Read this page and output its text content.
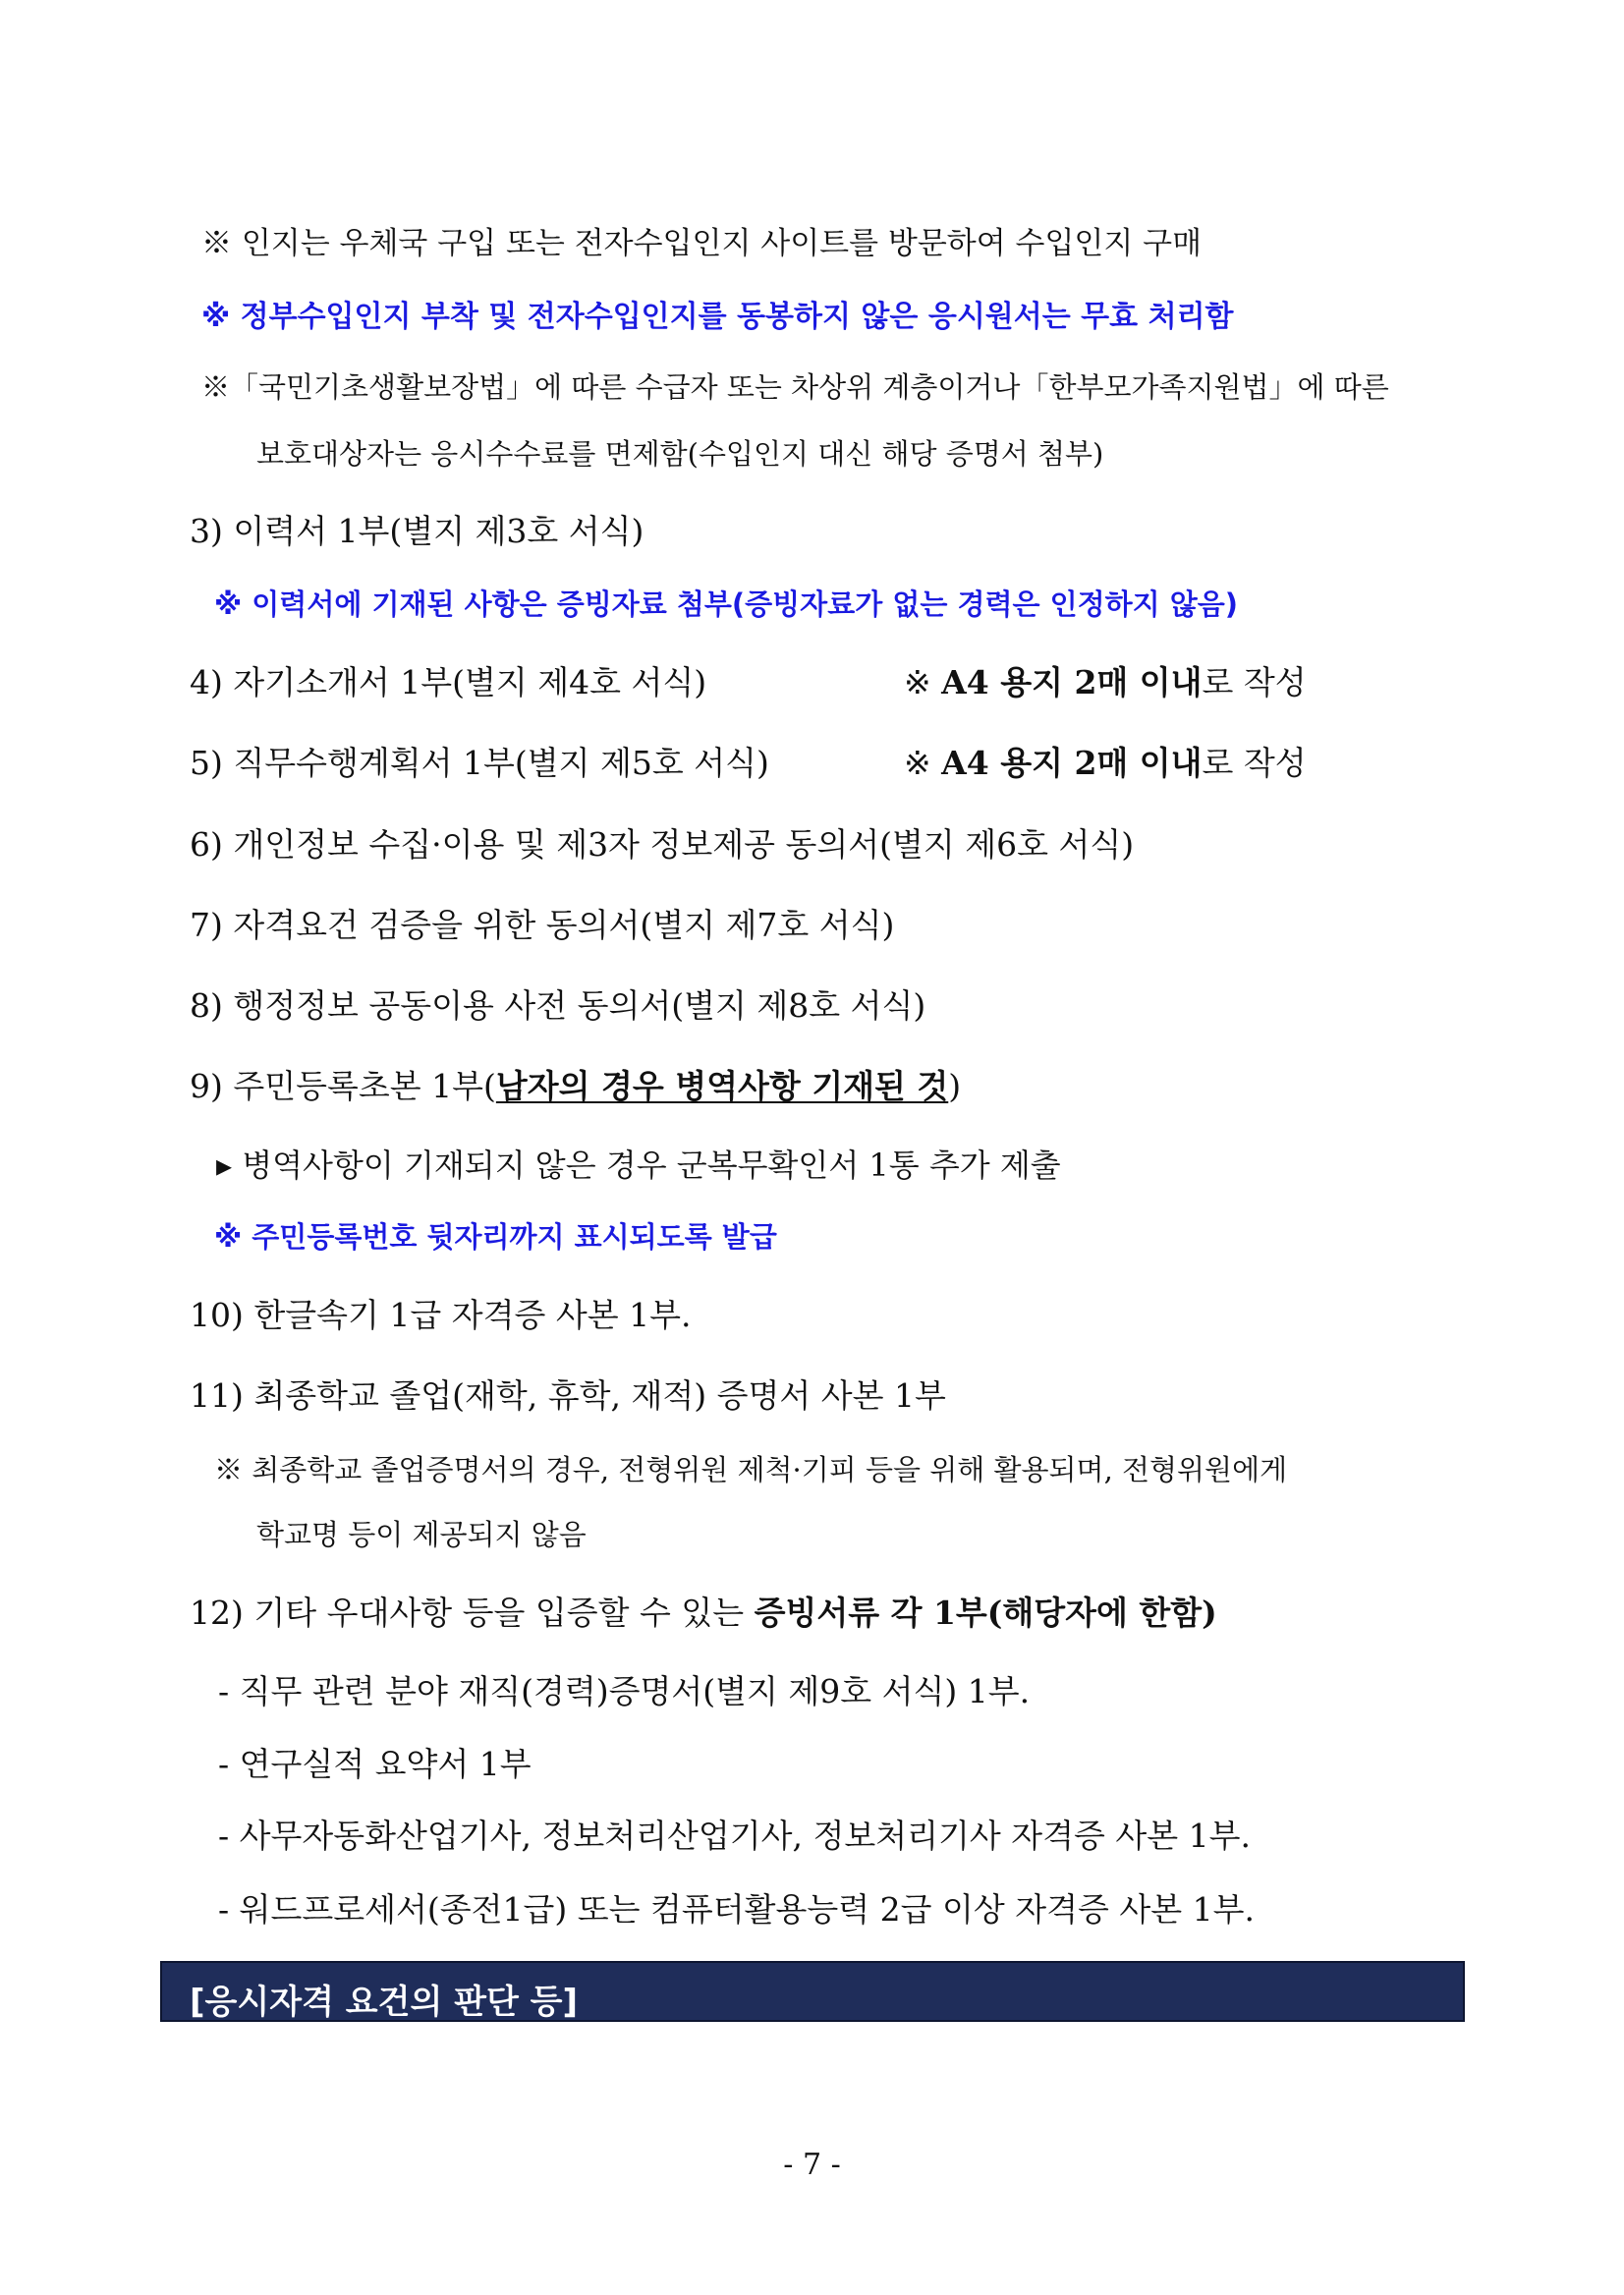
※ 인지는 우체국 구입 또는 전자수입인지 사이트를 방문하여 수입인지 구매
※ 정부수입인지 부착 및 전자수입인지를 동봉하지 않은 응시원서는 무효 처리함
※「국민기초생활보장법」에 따른 수급자 또는 차상위 계층이거나「한부모가족지원법」에 따른
보호대상자는 응시수수료를 면제함(수입인지 대신 해당 증명서 첨부)
3) 이력서 1부(별지 제3호 서식)
※ 이력서에 기재된 사항은 증빙자료 첨부(증빙자료가 없는 경력은 인정하지 않음)
4) 자기소개서 1부(별지 제4호 서식)	※ A4 용지 2매 이내로 작성
5) 직무수행계획서 1부(별지 제5호 서식)	※ A4 용지 2매 이내로 작성
6) 개인정보 수집·이용 및 제3자 정보제공 동의서(별지 제6호 서식)
7) 자격요건 검증을 위한 동의서(별지 제7호 서식)
8) 행정정보 공동이용 사전 동의서(별지 제8호 서식)
9) 주민등록초본 1부(남자의 경우 병역사항 기재된 것)
▸ 병역사항이 기재되지 않은 경우 군복무확인서 1통 추가 제출
※ 주민등록번호 뒷자리까지 표시되도록 발급
10) 한글속기 1급 자격증 사본 1부.
11) 최종학교 졸업(재학, 휴학, 재적) 증명서 사본 1부
※ 최종학교 졸업증명서의 경우, 전형위원 제척·기피 등을 위해 활용되며, 전형위원에게
학교명 등이 제공되지 않음
12) 기타 우대사항 등을 입증할 수 있는 증빙서류 각 1부(해당자에 한함)
- 직무 관련 분야 재직(경력)증명서(별지 제9호 서식) 1부.
- 연구실적 요약서 1부
- 사무자동화산업기사, 정보처리산업기사, 정보처리기사 자격증 사본 1부.
- 워드프로세서(종전1급) 또는 컴퓨터활용능력 2급 이상 자격증 사본 1부.
[응시자격 요건의 판단 등]
- 7 -
